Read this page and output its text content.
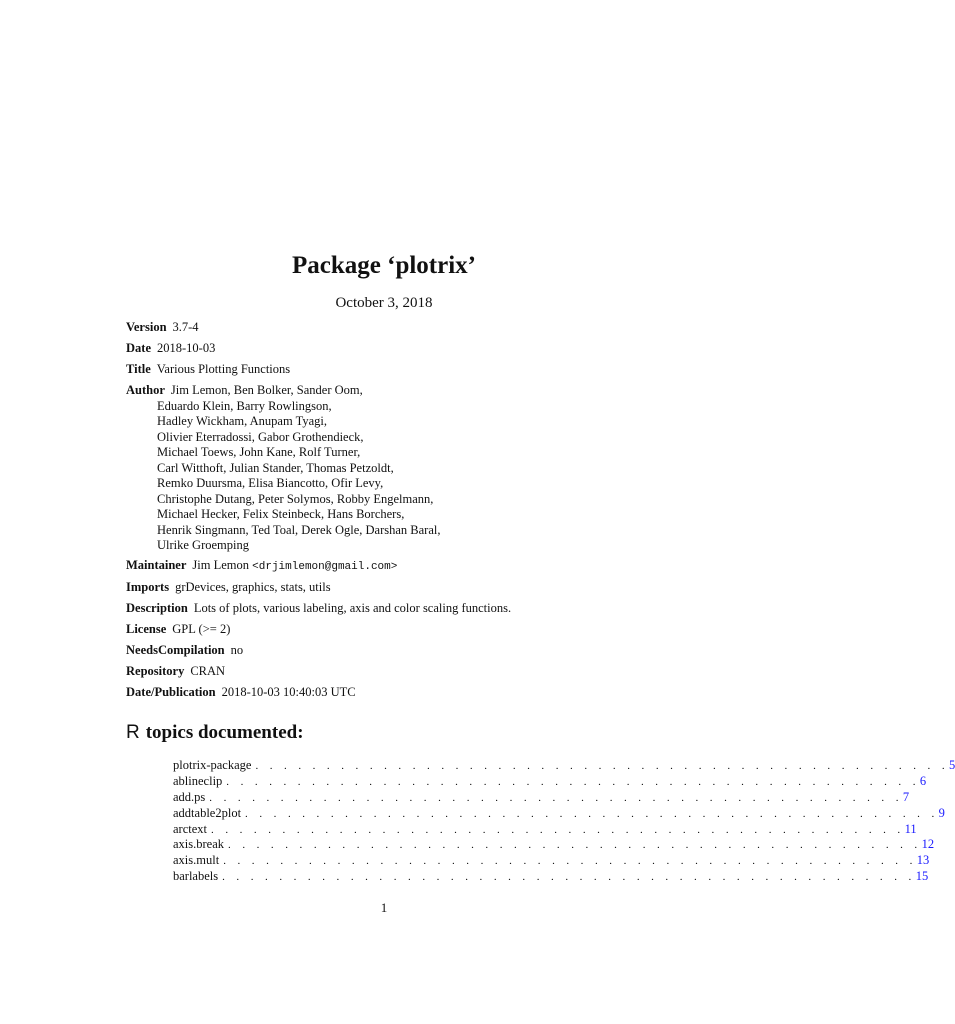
Package ‘plotrix’
October 3, 2018
Version 3.7-4
Date 2018-10-03
Title Various Plotting Functions
Author Jim Lemon, Ben Bolker, Sander Oom,
Eduardo Klein, Barry Rowlingson,
Hadley Wickham, Anupam Tyagi,
Olivier Eterradossi, Gabor Grothendieck,
Michael Toews, John Kane, Rolf Turner,
Carl Witthoft, Julian Stander, Thomas Petzoldt,
Remko Duursma, Elisa Biancotto, Ofir Levy,
Christophe Dutang, Peter Solymos, Robby Engelmann,
Michael Hecker, Felix Steinbeck, Hans Borchers,
Henrik Singmann, Ted Toal, Derek Ogle, Darshan Baral,
Ulrike Groemping
Maintainer Jim Lemon <drjimlemon@gmail.com>
Imports grDevices, graphics, stats, utils
Description Lots of plots, various labeling, axis and color scaling functions.
License GPL (>= 2)
NeedsCompilation no
Repository CRAN
Date/Publication 2018-10-03 10:40:03 UTC
R topics documented:
plotrix-package . . . . . . . . . . . . . . . . . . . . . . . . . . . . . . . . . . . . . . . . . . . . . . . . . 5
ablineclip . . . . . . . . . . . . . . . . . . . . . . . . . . . . . . . . . . . . . . . . . . . . . . . . . 6
add.ps . . . . . . . . . . . . . . . . . . . . . . . . . . . . . . . . . . . . . . . . . . . . . . . . . 7
addtable2plot . . . . . . . . . . . . . . . . . . . . . . . . . . . . . . . . . . . . . . . . . . . . . . . . . 9
arctext . . . . . . . . . . . . . . . . . . . . . . . . . . . . . . . . . . . . . . . . . . . . . . . . . 11
axis.break . . . . . . . . . . . . . . . . . . . . . . . . . . . . . . . . . . . . . . . . . . . . . . . . . 12
axis.mult . . . . . . . . . . . . . . . . . . . . . . . . . . . . . . . . . . . . . . . . . . . . . . . . . 13
barlabels . . . . . . . . . . . . . . . . . . . . . . . . . . . . . . . . . . . . . . . . . . . . . . . . . 15
1
